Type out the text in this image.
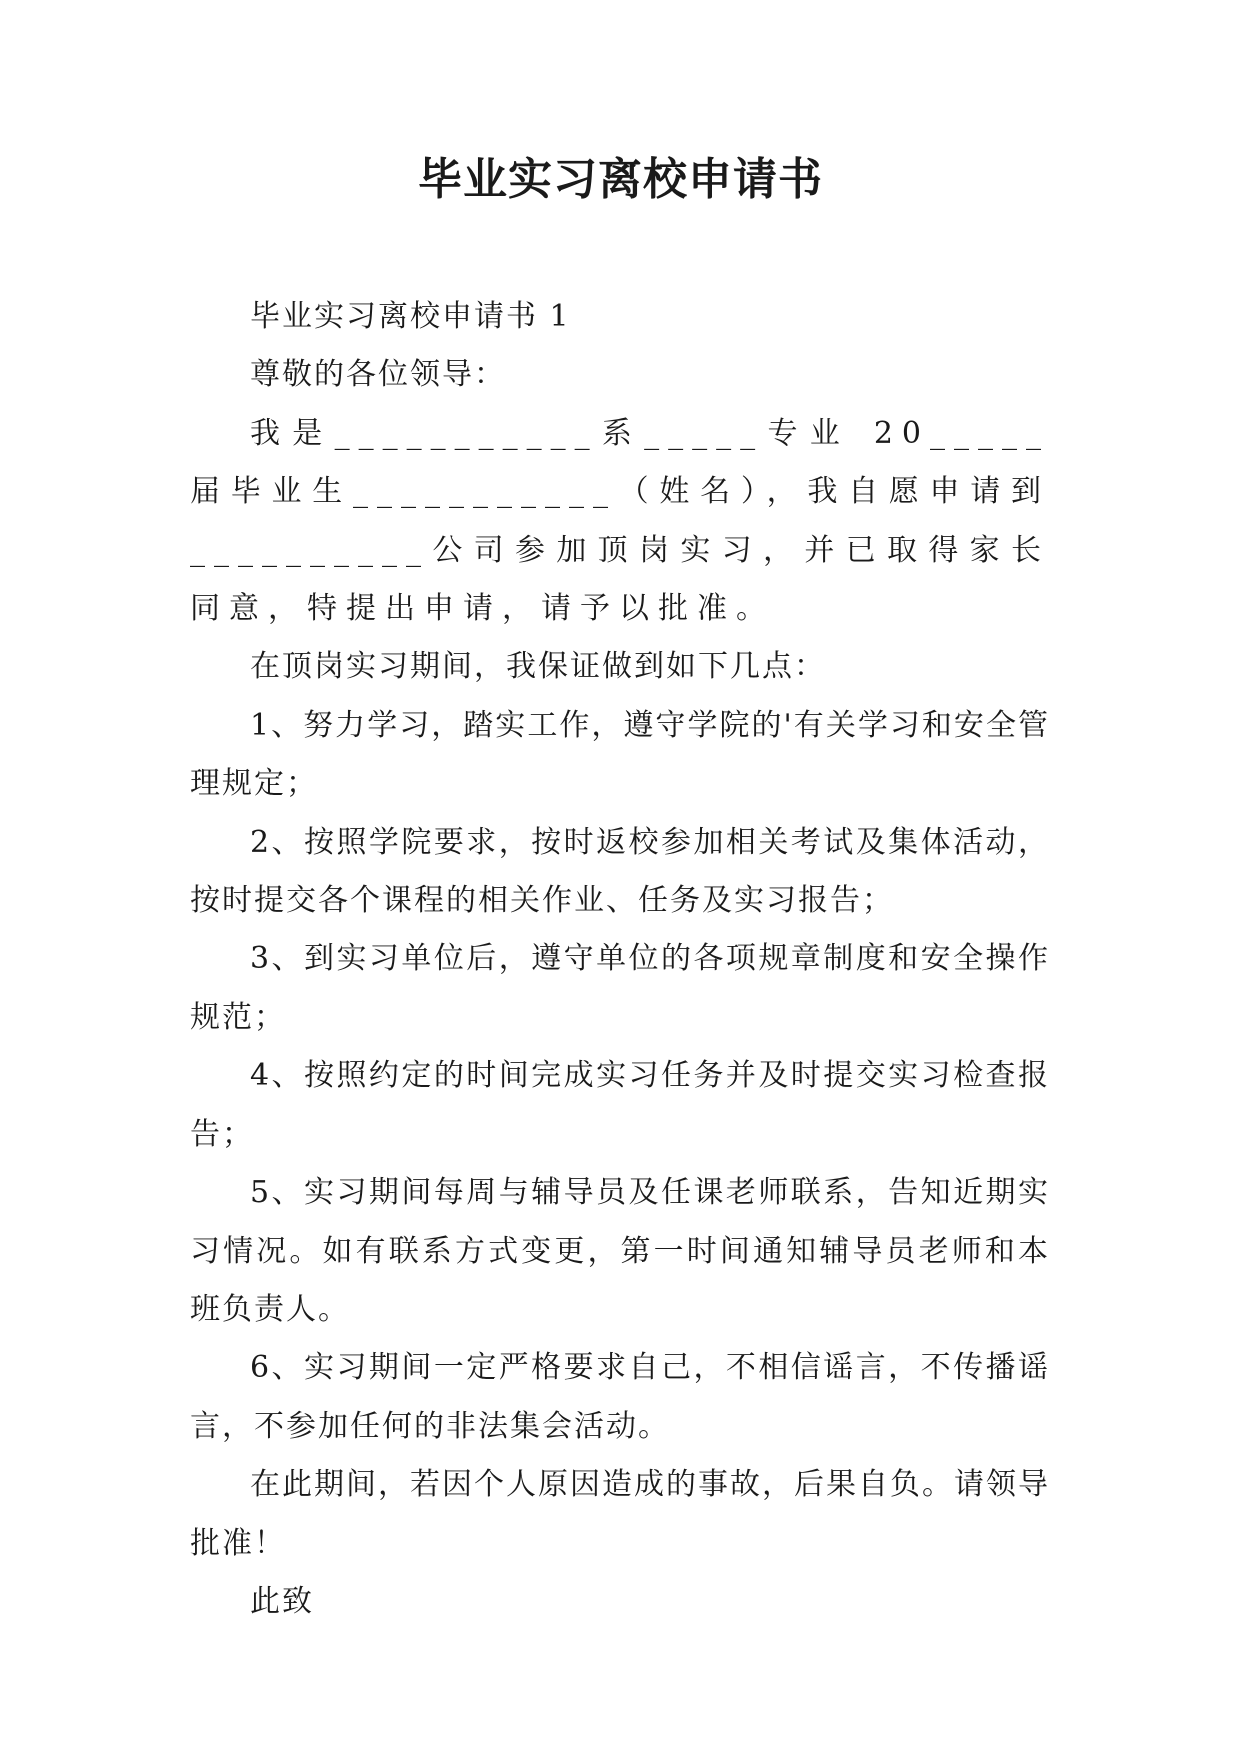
毕业实习离校申请书

毕业实习离校申请书 1

尊敬的各位领导：

我是___________系_____专业 20_____届毕业生___________（姓名），我自愿申请到__________公司参加顶岗实习，并已取得家长同意，特提出申请，请予以批准。

在顶岗实习期间，我保证做到如下几点：

1、努力学习，踏实工作，遵守学院的'有关学习和安全管理规定；

2、按照学院要求，按时返校参加相关考试及集体活动，按时提交各个课程的相关作业、任务及实习报告；

3、到实习单位后，遵守单位的各项规章制度和安全操作规范；

4、按照约定的时间完成实习任务并及时提交实习检查报告；

5、实习期间每周与辅导员及任课老师联系，告知近期实习情况。如有联系方式变更，第一时间通知辅导员老师和本班负责人。

6、实习期间一定严格要求自己，不相信谣言，不传播谣言，不参加任何的非法集会活动。

在此期间，若因个人原因造成的事故，后果自负。请领导批准！

此致
